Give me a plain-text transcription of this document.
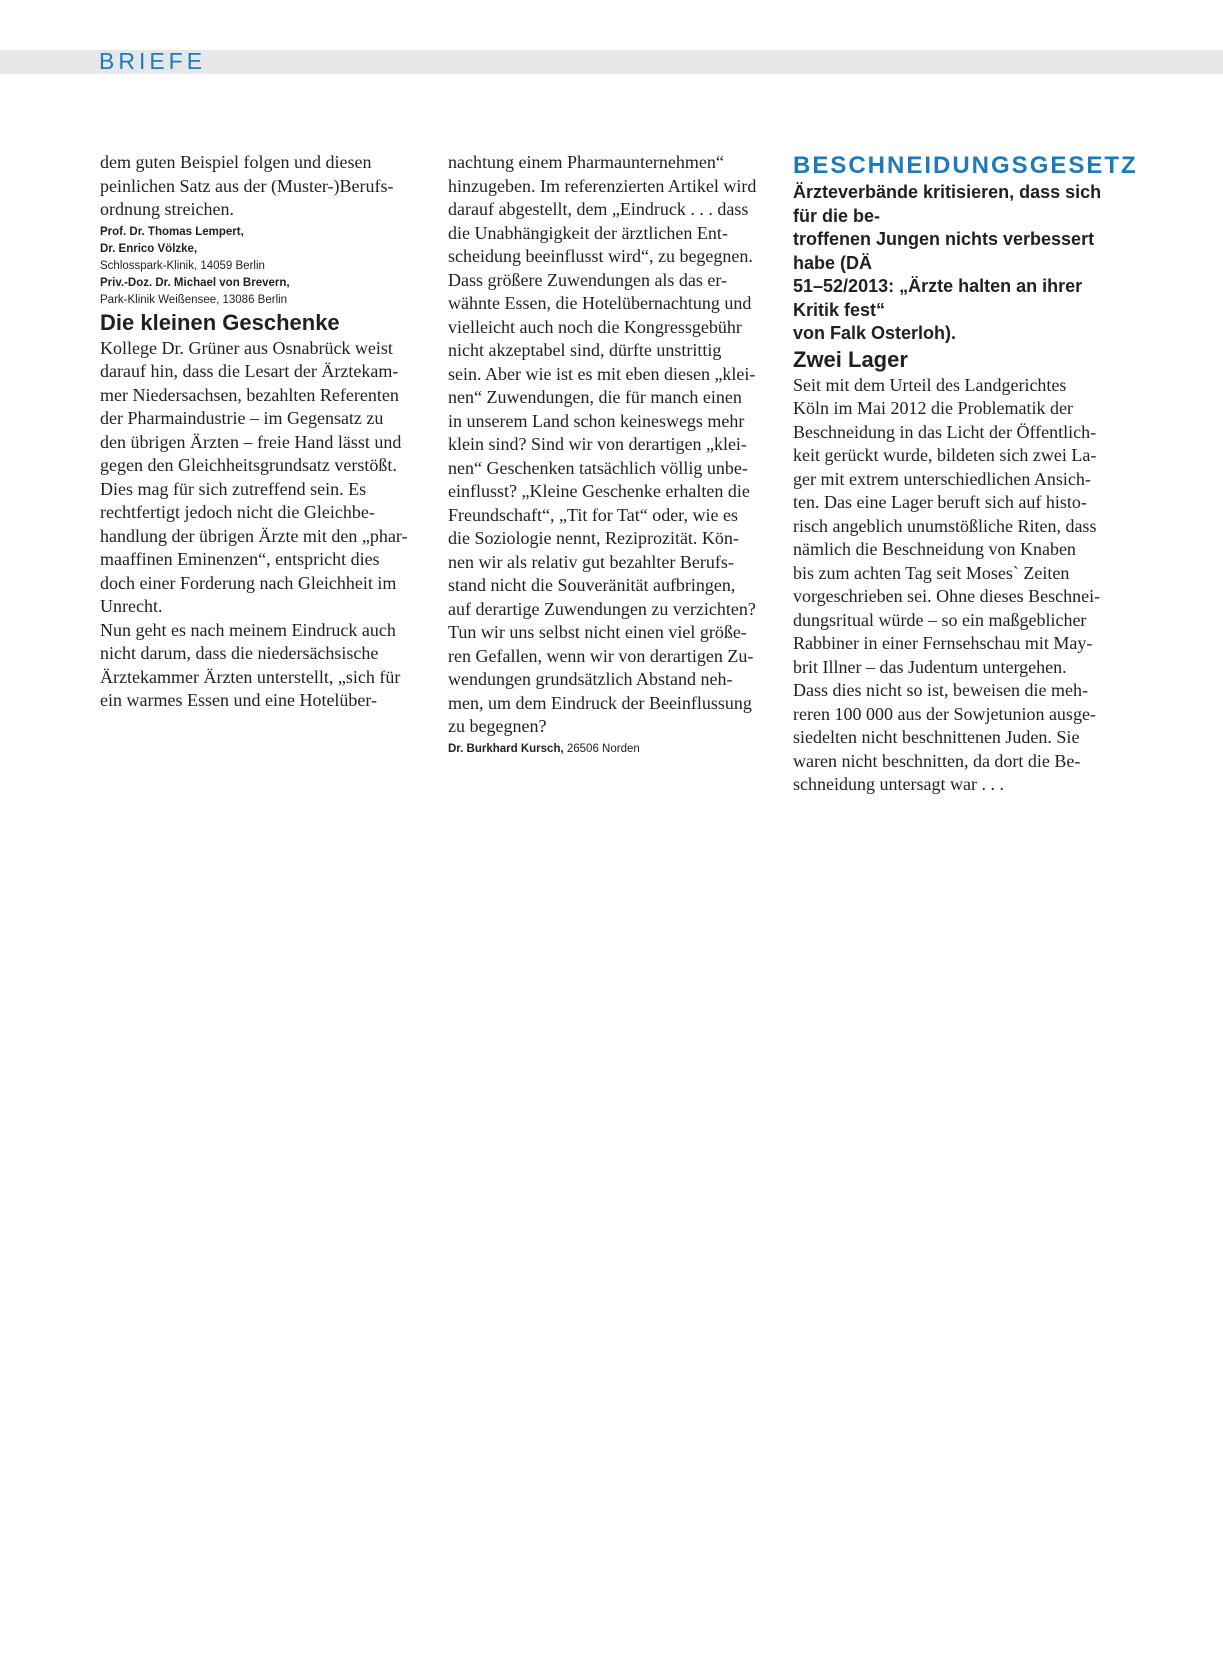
BRIEFE

dem guten Beispiel folgen und diesen
peinlichen Satz aus der (Muster-)Berufs-
ordnung streichen.

Prof. Dr. Thomas Lempert,
Dr. Enrico Völzke,
Schlosspark-Klinik, 14059 Berlin
Priv.-Doz. Dr. Michael von Brevern,
Park-Klinik Weißensee, 13086 Berlin
Die kleinen Geschenke

Kollege Dr. Grüner aus Osnabrück weist
darauf hin, dass die Lesart der Ärztekam-
mer Niedersachsen, bezahlten Referenten
der Pharmaindustrie – im Gegensatz zu
den übrigen Ärzten – freie Hand lässt und
gegen den Gleichheitsgrundsatz verstößt.
Dies mag für sich zutreffend sein. Es
rechtfertigt jedoch nicht die Gleichbe-
handlung der übrigen Ärzte mit den „phar-
maaffinen Eminenzen“, entspricht dies
doch einer Forderung nach Gleichheit im
Unrecht.
Nun geht es nach meinem Eindruck auch
nicht darum, dass die niedersächsische
Ärztekammer Ärzten unterstellt, „sich für
ein warmes Essen und eine Hotelüber-

nachtung einem Pharmaunternehmen“
hinzugeben. Im referenzierten Artikel wird
darauf abgestellt, dem „Eindruck . . . dass
die Unabhängigkeit der ärztlichen Ent-
scheidung beeinflusst wird“, zu begegnen.
Dass größere Zuwendungen als das er-
wähnte Essen, die Hotelübernachtung und
vielleicht auch noch die Kongressgebühr
nicht akzeptabel sind, dürfte unstrittig
sein. Aber wie ist es mit eben diesen „klei-
nen“ Zuwendungen, die für manch einen
in unserem Land schon keineswegs mehr
klein sind? Sind wir von derartigen „klei-
nen“ Geschenken tatsächlich völlig unbe-
einflusst? „Kleine Geschenke erhalten die
Freundschaft“, „Tit for Tat“ oder, wie es
die Soziologie nennt, Reziprozität. Kön-
nen wir als relativ gut bezahlter Berufs-
stand nicht die Souveränität aufbringen,
auf derartige Zuwendungen zu verzichten?
Tun wir uns selbst nicht einen viel größe-
ren Gefallen, wenn wir von derartigen Zu-
wendungen grundsätzlich Abstand neh-
men, um dem Eindruck der Beeinflussung
zu begegnen?

Dr. Burkhard Kursch, 26506 Norden
BESCHNEIDUNGSGESETZ

Ärzteverbände kritisieren, dass sich für die be-
troffenen Jungen nichts verbessert habe (DÄ
51–52/2013: „Ärzte halten an ihrer Kritik fest“
von Falk Osterloh).

Zwei Lager

Seit mit dem Urteil des Landgerichtes
Köln im Mai 2012 die Problematik der
Beschneidung in das Licht der Öffentlich-
keit gerückt wurde, bildeten sich zwei La-
ger mit extrem unterschiedlichen Ansich-
ten. Das eine Lager beruft sich auf histo-
risch angeblich unumstößliche Riten, dass
nämlich die Beschneidung von Knaben
bis zum achten Tag seit Moses` Zeiten
vorgeschrieben sei. Ohne dieses Beschnei-
dungsritual würde – so ein maßgeblicher
Rabbiner in einer Fernsehschau mit May-
brit Illner – das Judentum untergehen.
Dass dies nicht so ist, beweisen die meh-
reren 100 000 aus der Sowjetunion ausge-
siedelten nicht beschnittenen Juden. Sie
waren nicht beschnitten, da dort die Be-
schneidung untersagt war . . .
